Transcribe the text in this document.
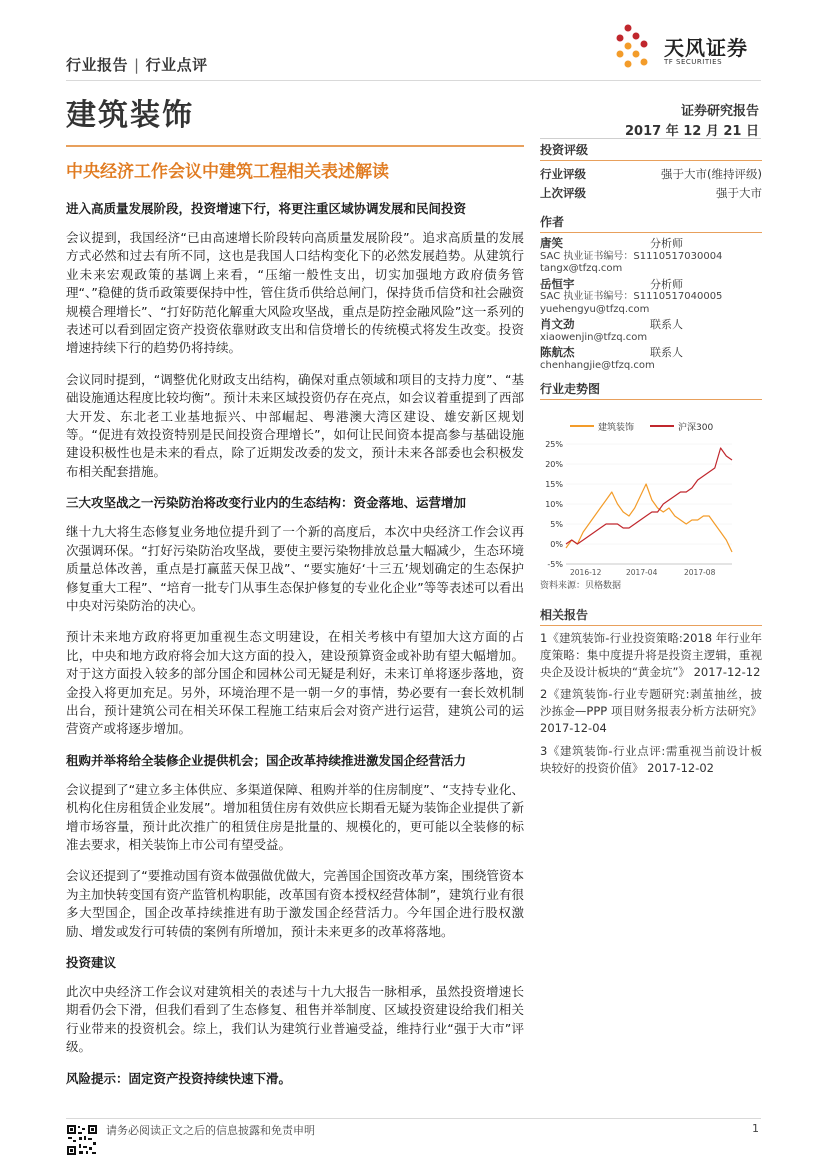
行业报告 | 行业点评
天风证券
TF SECURITIES
建筑装饰	证券研究报告
2017 年 12 月 21 日
中央经济工作会议中建筑工程相关表述解读
进入高质量发展阶段，投资增速下行，将更注重区域协调发展和民间投资
会议提到，我国经济“已由高速增长阶段转向高质量发展阶段”。追求高质量的发展方式必然和过去有所不同，这也是我国人口结构变化下的必然发展趋势。从建筑行业未来宏观政策的基调上来看，“压缩一般性支出，切实加强地方政府债务管理“、”稳健的货币政策要保持中性，管住货币供给总闸门，保持货币信贷和社会融资规模合理增长”、“打好防范化解重大风险攻坚战，重点是防控金融风险”这一系列的表述可以看到固定资产投资依靠财政支出和信贷增长的传统模式将发生改变。投资增速持续下行的趋势仍将持续。
会议同时提到，“调整优化财政支出结构，确保对重点领域和项目的支持力度”、“基础设施通达程度比较均衡”。预计未来区域投资仍存在亮点，如会议着重提到了西部大开发、东北老工业基地振兴、中部崛起、粤港澳大湾区建设、雄安新区规划等。“促进有效投资特别是民间投资合理增长”，如何让民间资本提高参与基础设施建设积极性也是未来的看点，除了近期发改委的发文，预计未来各部委也会积极发布相关配套措施。
三大攻坚战之一污染防治将改变行业内的生态结构：资金落地、运营增加
继十九大将生态修复业务地位提升到了一个新的高度后，本次中央经济工作会议再次强调环保。“打好污染防治攻坚战，要使主要污染物排放总量大幅减少，生态环境质量总体改善，重点是打赢蓝天保卫战”、“要实施好‘十三五’规划确定的生态保护修复重大工程”、“培育一批专门从事生态保护修复的专业化企业”等等表述可以看出中央对污染防治的决心。
预计未来地方政府将更加重视生态文明建设，在相关考核中有望加大这方面的占比，中央和地方政府将会加大这方面的投入，建设预算资金或补助有望大幅增加。对于这方面投入较多的部分国企和园林公司无疑是利好，未来订单将逐步落地，资金投入将更加充足。另外，环境治理不是一朝一夕的事情，势必要有一套长效机制出台，预计建筑公司在相关环保工程施工结束后会对资产进行运营，建筑公司的运营资产或将逐步增加。
租购并举将给全装修企业提供机会；国企改革持续推进激发国企经营活力
会议提到了“建立多主体供应、多渠道保障、租购并举的住房制度”、“支持专业化、机构化住房租赁企业发展”。增加租赁住房有效供应长期看无疑为装饰企业提供了新增市场容量，预计此次推广的租赁住房是批量的、规模化的，更可能以全装修的标准去要求，相关装饰上市公司有望受益。
会议还提到了“要推动国有资本做强做优做大，完善国企国资改革方案，围绕管资本为主加快转变国有资产监管机构职能，改革国有资本授权经营体制”，建筑行业有很多大型国企，国企改革持续推进有助于激发国企经营活力。今年国企进行股权激励、增发或发行可转债的案例有所增加，预计未来更多的改革将落地。
投资建议
此次中央经济工作会议对建筑相关的表述与十九大报告一脉相承，虽然投资增速长期看仍会下滑，但我们看到了生态修复、租售并举制度、区域投资建设给我们相关行业带来的投资机会。综上，我们认为建筑行业普遍受益，维持行业“强于大市”评级。
风险提示：固定资产投资持续快速下滑。
投资评级
行业评级	强于大市(维持评级)
上次评级	强于大市
作者
唐笑	分析师
SAC 执业证书编号：S1110517030004
tangx@tfzq.com
岳恒宇	分析师
SAC 执业证书编号：S1110517040005
yuehengyu@tfzq.com
肖文劲	联系人
xiaowenjin@tfzq.com
陈航杰	联系人
chenhangjie@tfzq.com
行业走势图
建筑装饰	沪深300
25%
20%
15%
10%
5%
0%
-5%
2016-12	2017-04	2017-08
资料来源：贝格数据
相关报告
1《建筑装饰-行业投资策略:2018 年行业年度策略：集中度提升将是投资主逻辑，重视央企及设计板块的“黄金坑”》 2017-12-12
2《建筑装饰-行业专题研究:剥茧抽丝，披沙拣金—PPP 项目财务报表分析方法研究》 2017-12-04
3《建筑装饰-行业点评:需重视当前设计板块较好的投资价值》 2017-12-02
请务必阅读正文之后的信息披露和免责申明	1
